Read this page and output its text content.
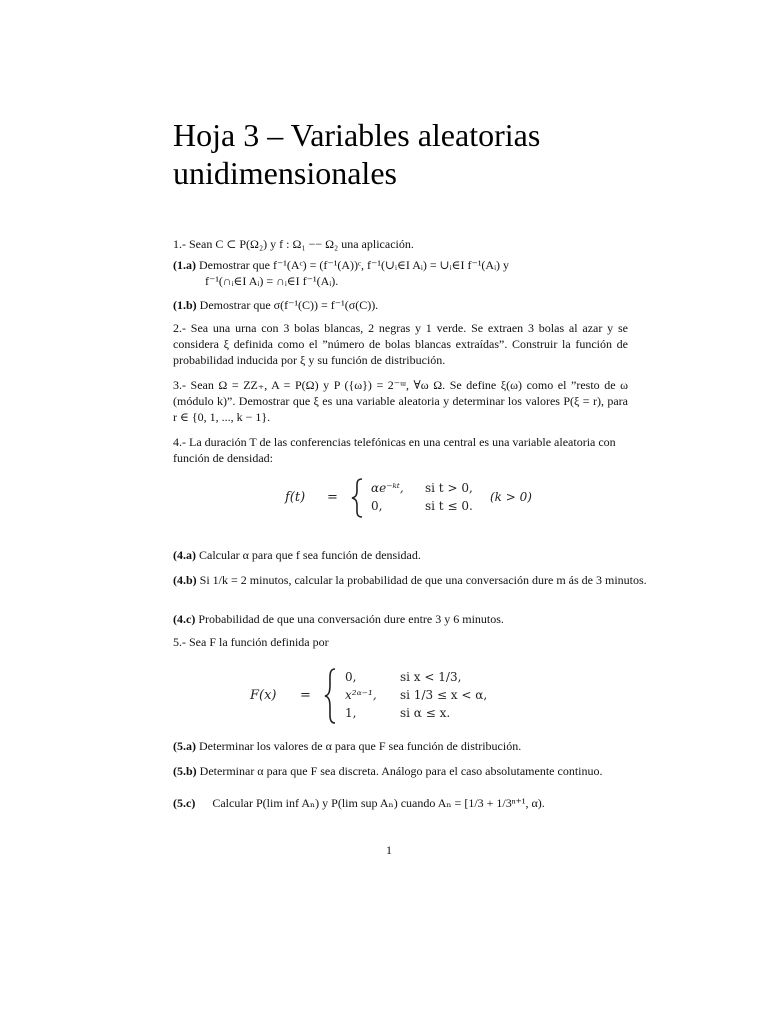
Hoja 3 – Variables aleatorias unidimensionales
1.- Sean C ⊂ P(Ω₂) y f : Ω₁ −− Ω₂ una aplicación.
(1.a) Demostrar que f⁻¹(Aᶜ) = (f⁻¹(A))ᶜ, f⁻¹(∪ᵢ∈I Aᵢ) = ∪ᵢ∈I f⁻¹(Aᵢ) y
f⁻¹(∩ᵢ∈I Aᵢ) = ∩ᵢ∈I f⁻¹(Aᵢ).
(1.b) Demostrar que σ(f⁻¹(C)) = f⁻¹(σ(C)).
2.- Sea una urna con 3 bolas blancas, 2 negras y 1 verde. Se extraen 3 bolas al azar y se considera ξ definida como el ”número de bolas blancas extraídas”. Construir la función de probabilidad inducida por ξ y su función de distribución.
3.- Sean Ω = ZZ₊, A = P(Ω) y P ({ω}) = 2⁻ᵚ, ∀ω Ω. Se define ξ(ω) como el ”resto de ω (módulo k)”. Demostrar que ξ es una variable aleatoria y determinar los valores P(ξ = r), para r ∈ {0, 1, ..., k − 1}.
4.- La duración T de las conferencias telefónicas en una central es una variable aleatoria con función de densidad:
f(t) =
αe⁻ᵏᵗ, si t > 0,
0,	si t ≤ 0.
(k > 0)
(4.a) Calcular α para que f sea función de densidad.
(4.b) Si 1/k = 2 minutos, calcular la probabilidad de que una conversación dure m ás de 3 minutos.
(4.c) Probabilidad de que una conversación dure entre 3 y 6 minutos.
5.- Sea F la función definida por
F(x) =
0,	si x < 1/3,
x²ᵅ⁻¹, si 1/3 ≤ x < α,
1,	si α ≤ x.
(5.a) Determinar los valores de α para que F sea función de distribución.
(5.b) Determinar α para que F sea discreta. Análogo para el caso absolutamente continuo.
(5.c) Calcular P(lim inf Aₙ) y P(lim sup Aₙ) cuando Aₙ = [1/3 + 1/3ⁿ⁺¹, α).
1
